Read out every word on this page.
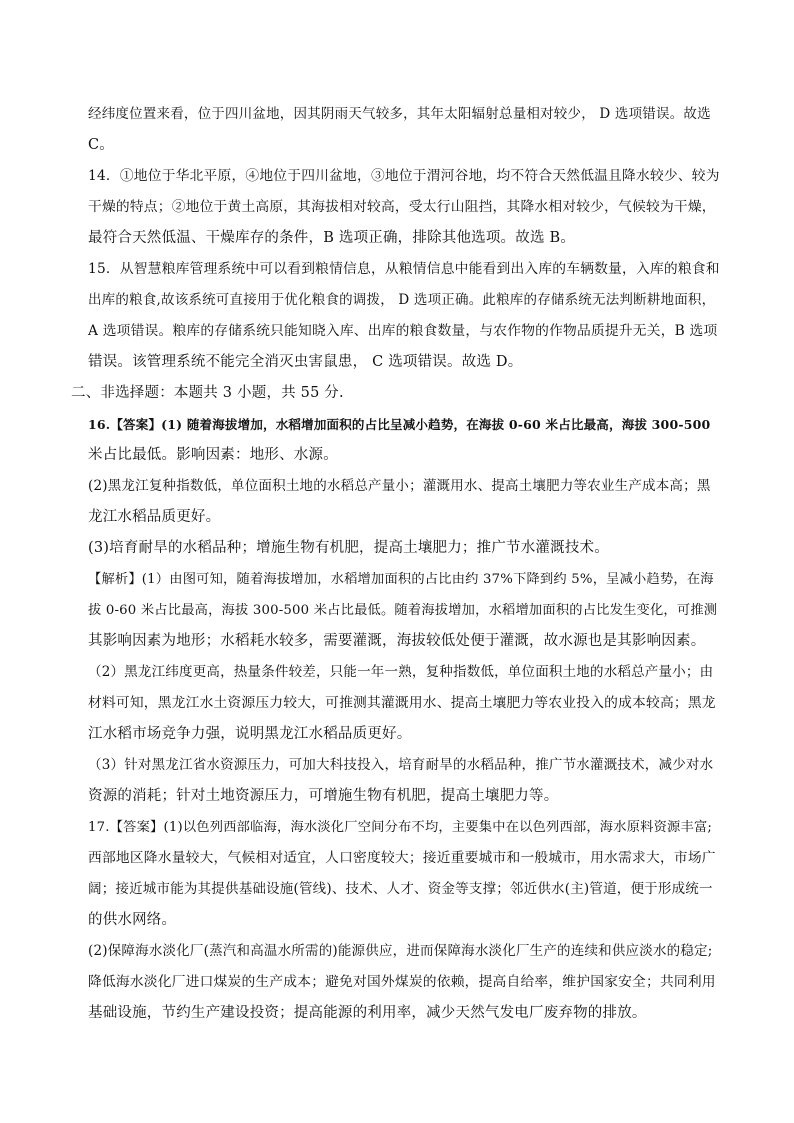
经纬度位置来看，位于四川盆地，因其阴雨天气较多，其年太阳辐射总量相对较少， D 选项错误。故选
C。
14．①地位于华北平原，④地位于四川盆地，③地位于渭河谷地，均不符合天然低温且降水较少、较为
干燥的特点；②地位于黄土高原，其海拔相对较高，受太行山阻挡，其降水相对较少，气候较为干燥，
最符合天然低温、干燥库存的条件，B 选项正确，排除其他选项。故选 B。
15．从智慧粮库管理系统中可以看到粮情信息，从粮情信息中能看到出入库的车辆数量，入库的粮食和
出库的粮食,故该系统可直接用于优化粮食的调拨， D 选项正确。此粮库的存储系统无法判断耕地面积，
A 选项错误。粮库的存储系统只能知晓入库、出库的粮食数量，与农作物的作物品质提升无关，B 选项
错误。该管理系统不能完全消灭虫害鼠患， C 选项错误。故选 D。
二、非选择题：本题共 3 小题，共 55 分.
16.【答案】(1) 随着海拔增加，水稻增加面积的占比呈减小趋势，在海拔 0-60 米占比最高，海拔 300-500
米占比最低。影响因素：地形、水源。
(2)黑龙江复种指数低，单位面积土地的水稻总产量小；灌溉用水、提高土壤肥力等农业生产成本高；黑
龙江水稻品质更好。
(3)培育耐旱的水稻品种；增施生物有机肥，提高土壤肥力；推广节水灌溉技术。
【解析】(1）由图可知，随着海拔增加，水稻增加面积的占比由约 37%下降到约 5%，呈减小趋势，在海
拔 0-60 米占比最高，海拔 300-500 米占比最低。随着海拔增加，水稻增加面积的占比发生变化，可推测
其影响因素为地形；水稻耗水较多，需要灌溉，海拔较低处便于灌溉，故水源也是其影响因素。
（2）黑龙江纬度更高，热量条件较差，只能一年一熟，复种指数低，单位面积土地的水稻总产量小；由
材料可知，黑龙江水土资源压力较大，可推测其灌溉用水、提高土壤肥力等农业投入的成本较高；黑龙
江水稻市场竞争力强，说明黑龙江水稻品质更好。
（3）针对黑龙江省水资源压力，可加大科技投入，培育耐旱的水稻品种，推广节水灌溉技术，减少对水
资源的消耗；针对土地资源压力，可增施生物有机肥，提高土壤肥力等。
17.【答案】(1)以色列西部临海，海水淡化厂空间分布不均，主要集中在以色列西部，海水原料资源丰富;
西部地区降水量较大，气候相对适宜，人口密度较大；接近重要城市和一般城市，用水需求大，市场广
阔；接近城市能为其提供基础设施(管线)、技术、人才、资金等支撑；邻近供水(主)管道，便于形成统一
的供水网络。
(2)保障海水淡化厂(蒸汽和高温水所需的)能源供应，进而保障海水淡化厂生产的连续和供应淡水的稳定;
降低海水淡化厂进口煤炭的生产成本；避免对国外煤炭的依赖，提高自给率，维护国家安全；共同利用
基础设施，节约生产建设投资；提高能源的利用率，减少天然气发电厂废弃物的排放。
